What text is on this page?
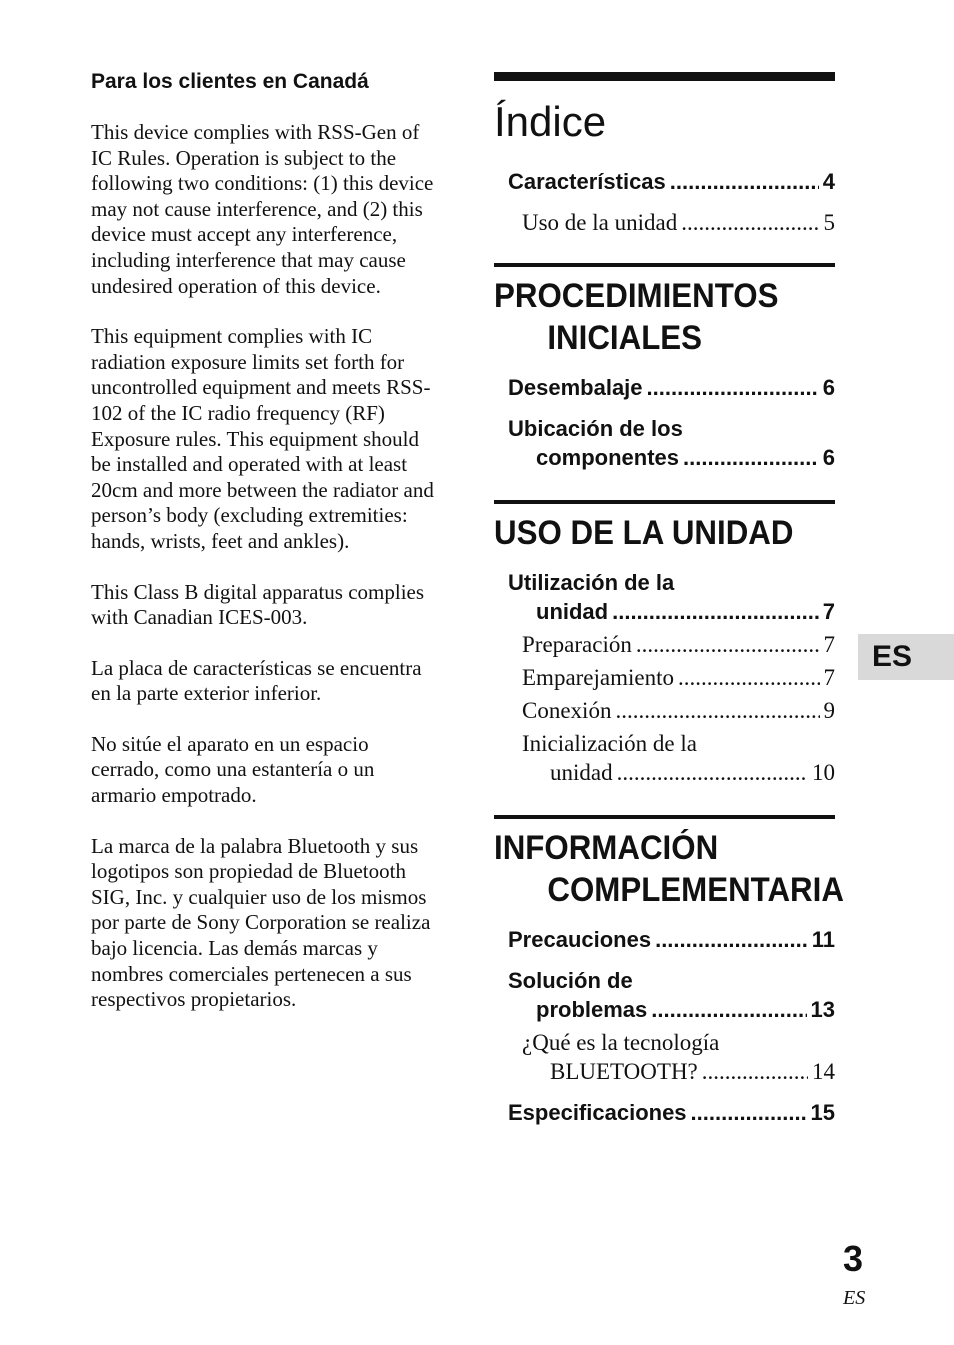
Para los clientes en Canadá

This device complies with RSS-Gen of IC Rules. Operation is subject to the following two conditions: (1) this device may not cause interference, and (2) this device must accept any interference, including interference that may cause undesired operation of this device.

This equipment complies with IC radiation exposure limits set forth for uncontrolled equipment and meets RSS-102 of the IC radio frequency (RF) Exposure rules. This equipment should be installed and operated with at least 20cm and more between the radiator and person’s body (excluding extremities: hands, wrists, feet and ankles).

This Class B digital apparatus complies with Canadian ICES-003.

La placa de características se encuentra en la parte exterior inferior.

No sitúe el aparato en un espacio cerrado, como una estantería o un armario empotrado.

La marca de la palabra Bluetooth y sus logotipos son propiedad de Bluetooth SIG, Inc. y cualquier uso de los mismos por parte de Sony Corporation se realiza bajo licencia. Las demás marcas y nombres comerciales pertenecen a sus respectivos propietarios.

Índice
Características .....	4
Uso de la unidad .....	5
PROCEDIMIENTOS
INICIALES
Desembalaje .....	6
Ubicación de los
componentes .....	6
USO DE LA UNIDAD
Utilización de la
unidad .....	7
Preparación .....	7
Emparejamiento .....	7
Conexión .....	9
Inicialización de la
unidad .....	10
INFORMACIÓN
COMPLEMENTARIA
Precauciones .....	11
Solución de
problemas .....	13
¿Qué es la tecnología
BLUETOOTH? .....	14
Especificaciones .....	15
ES
3
ES
